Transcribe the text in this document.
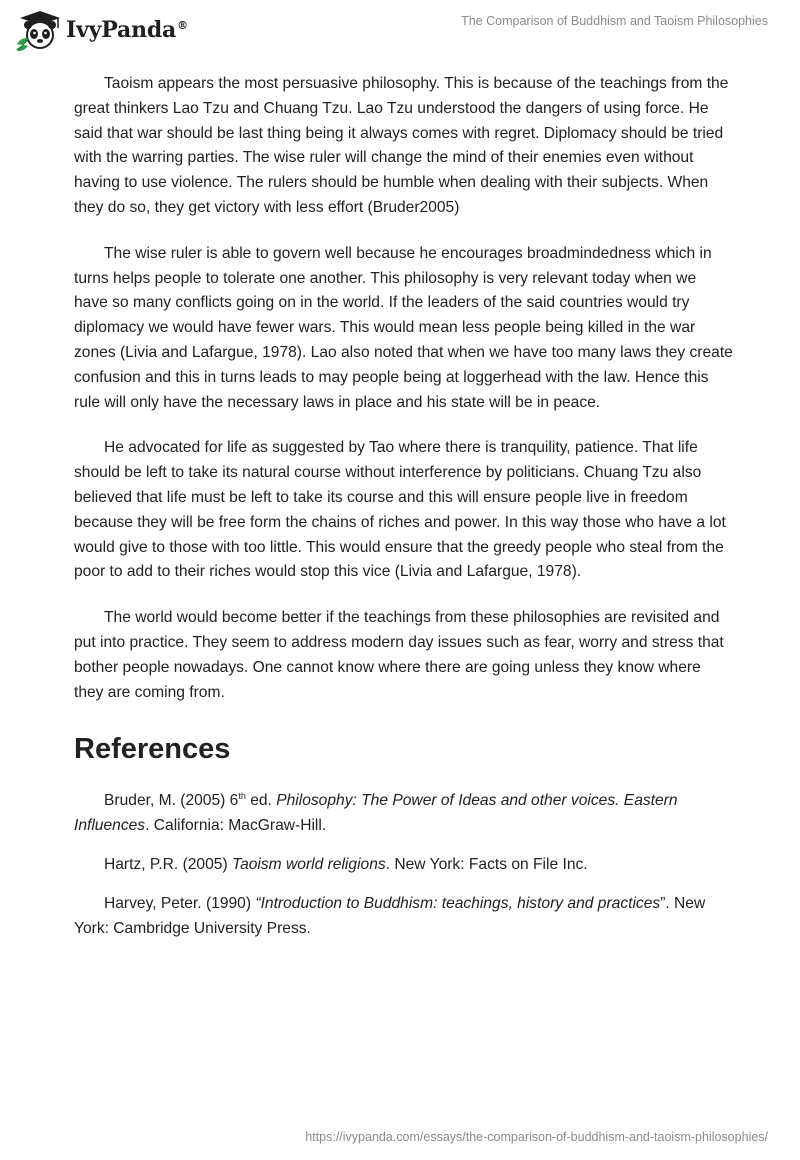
IvyPanda®	The Comparison of Buddhism and Taoism Philosophies

Taoism appears the most persuasive philosophy. This is because of the teachings from the great thinkers Lao Tzu and Chuang Tzu. Lao Tzu understood the dangers of using force. He said that war should be last thing being it always comes with regret. Diplomacy should be tried with the warring parties. The wise ruler will change the mind of their enemies even without having to use violence. The rulers should be humble when dealing with their subjects. When they do so, they get victory with less effort (Bruder2005)

The wise ruler is able to govern well because he encourages broadmindedness which in turns helps people to tolerate one another. This philosophy is very relevant today when we have so many conflicts going on in the world. If the leaders of the said countries would try diplomacy we would have fewer wars. This would mean less people being killed in the war zones (Livia and Lafargue, 1978). Lao also noted that when we have too many laws they create confusion and this in turns leads to may people being at loggerhead with the law. Hence this rule will only have the necessary laws in place and his state will be in peace.

He advocated for life as suggested by Tao where there is tranquility, patience. That life should be left to take its natural course without interference by politicians. Chuang Tzu also believed that life must be left to take its course and this will ensure people live in freedom because they will be free form the chains of riches and power. In this way those who have a lot would give to those with too little. This would ensure that the greedy people who steal from the poor to add to their riches would stop this vice (Livia and Lafargue, 1978).

The world would become better if the teachings from these philosophies are revisited and put into practice. They seem to address modern day issues such as fear, worry and stress that bother people nowadays. One cannot know where there are going unless they know where they are coming from.

References

Bruder, M. (2005) 6th ed. Philosophy: The Power of Ideas and other voices. Eastern Influences. California: MacGraw-Hill.

Hartz, P.R. (2005) Taoism world religions. New York: Facts on File Inc.

Harvey, Peter. (1990) “Introduction to Buddhism: teachings, history and practices”. New York: Cambridge University Press.

https://ivypanda.com/essays/the-comparison-of-buddhism-and-taoism-philosophies/
